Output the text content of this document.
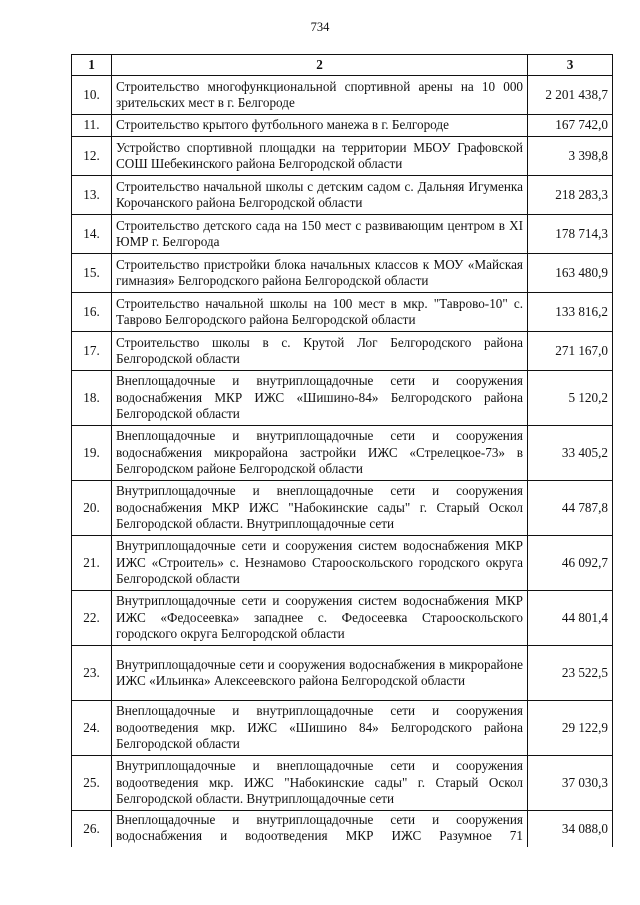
734
1	2	3
10.	Строительство многофункциональной спортивной арены на 10 000 зрительских мест в г. Белгороде	2 201 438,7
11.	Строительство крытого футбольного манежа в г. Белгороде	167 742,0
12.	Устройство спортивной площадки на территории МБОУ Графовской СОШ Шебекинского района Белгородской области	3 398,8
13.	Строительство начальной школы с детским садом с. Дальняя Игуменка Корочанского района Белгородской области	218 283,3
14.	Строительство детского сада на 150 мест с развивающим центром в XI ЮМР г. Белгорода	178 714,3
15.	Строительство пристройки блока начальных классов к МОУ «Майская гимназия» Белгородского района Белгородской области	163 480,9
16.	Строительство начальной школы на 100 мест в мкр. "Таврово-10" с. Таврово Белгородского района Белгородской области	133 816,2
17.	Строительство школы в с. Крутой Лог Белгородского района Белгородской области	271 167,0
18.	Внеплощадочные и внутриплощадочные сети и сооружения водоснабжения МКР ИЖС «Шишино-84» Белгородского района Белгородской области	5 120,2
19.	Внеплощадочные и внутриплощадочные сети и сооружения водоснабжения микрорайона застройки ИЖС «Стрелецкое-73» в Белгородском районе Белгородской области	33 405,2
20.	Внутриплощадочные и внеплощадочные сети и сооружения водоснабжения МКР ИЖС "Набокинские сады" г. Старый Оскол Белгородской области. Внутриплощадочные сети	44 787,8
21.	Внутриплощадочные сети и сооружения систем водоснабжения МКР ИЖС «Строитель» с. Незнамово Старооскольского городского округа Белгородской области	46 092,7
22.	Внутриплощадочные сети и сооружения систем водоснабжения МКР ИЖС «Федосеевка» западнее с. Федосеевка Старооскольского городского округа Белгородской области	44 801,4
23.	Внутриплощадочные сети и сооружения водоснабжения в микрорайоне ИЖС «Ильинка» Алексеевского района Белгородской области	23 522,5
24.	Внеплощадочные и внутриплощадочные сети и сооружения водоотведения мкр. ИЖС «Шишино 84» Белгородского района Белгородской области	29 122,9
25.	Внутриплощадочные и внеплощадочные сети и сооружения водоотведения мкр. ИЖС "Набокинские сады" г. Старый Оскол Белгородской области. Внутриплощадочные сети	37 030,3
26.	Внеплощадочные и внутриплощадочные сети и сооружения водоснабжения и водоотведения МКР ИЖС Разумное 71	34 088,0
